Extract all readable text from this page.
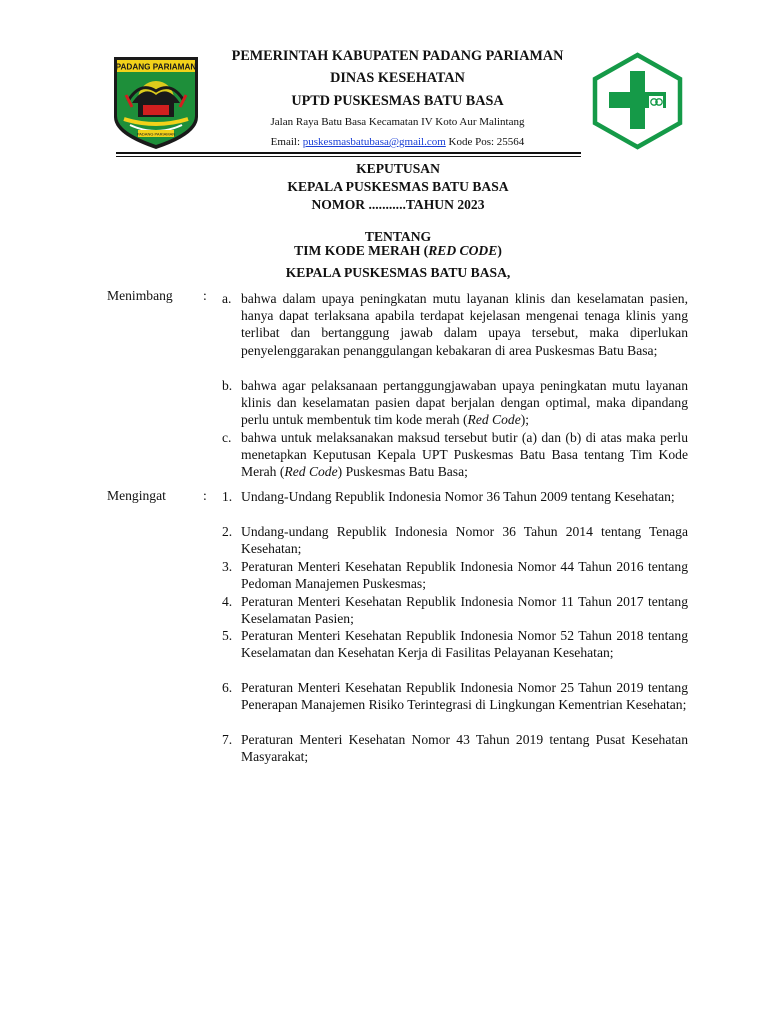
PADANG PARIAMAN
PADANG PARIAMAN
PEMERINTAH KABUPATEN PADANG PARIAMAN
DINAS KESEHATAN
UPTD PUSKESMAS BATU BASA
Jalan Raya Batu Basa Kecamatan IV Koto Aur Malintang
Email: puskesmasbatubasa@gmail.com Kode Pos: 25564
KEPUTUSAN
KEPALA PUSKESMAS BATU BASA
NOMOR ...........TAHUN 2023
TENTANG
TIM KODE MERAH (RED CODE)
KEPALA PUSKESMAS BATU BASA,
Menimbang : a. bahwa dalam upaya peningkatan mutu layanan klinis dan keselamatan pasien, hanya dapat terlaksana apabila terdapat kejelasan mengenai tenaga klinis yang terlibat dan bertanggung jawab dalam upaya tersebut, maka diperlukan penyelenggarakan penanggulangan kebakaran di area Puskesmas Batu Basa;
b. bahwa agar pelaksanaan pertanggungjawaban upaya peningkatan mutu layanan klinis dan keselamatan pasien dapat berjalan dengan optimal, maka dipandang perlu untuk membentuk tim kode merah (Red Code);
c. bahwa untuk melaksanakan maksud tersebut butir (a) dan (b) di atas maka perlu menetapkan Keputusan Kepala UPT Puskesmas Batu Basa tentang Tim Kode Merah (Red Code) Puskesmas Batu Basa;
Mengingat	: 1. Undang-Undang Republik Indonesia Nomor 36 Tahun 2009 tentang Kesehatan;
2. Undang-undang Republik Indonesia Nomor 36 Tahun 2014 tentang Tenaga Kesehatan;
3. Peraturan Menteri Kesehatan Republik Indonesia Nomor 44 Tahun 2016 tentang Pedoman Manajemen Puskesmas;
4. Peraturan Menteri Kesehatan Republik Indonesia Nomor 11 Tahun 2017 tentang Keselamatan Pasien;
5. Peraturan Menteri Kesehatan Republik Indonesia Nomor 52 Tahun 2018 tentang Keselamatan dan Kesehatan Kerja di Fasilitas Pelayanan Kesehatan;
6. Peraturan Menteri Kesehatan Republik Indonesia Nomor 25 Tahun 2019 tentang Penerapan Manajemen Risiko Terintegrasi di Lingkungan Kementrian Kesehatan;
7. Peraturan Menteri Kesehatan Nomor 43 Tahun 2019 tentang Pusat Kesehatan Masyarakat;
